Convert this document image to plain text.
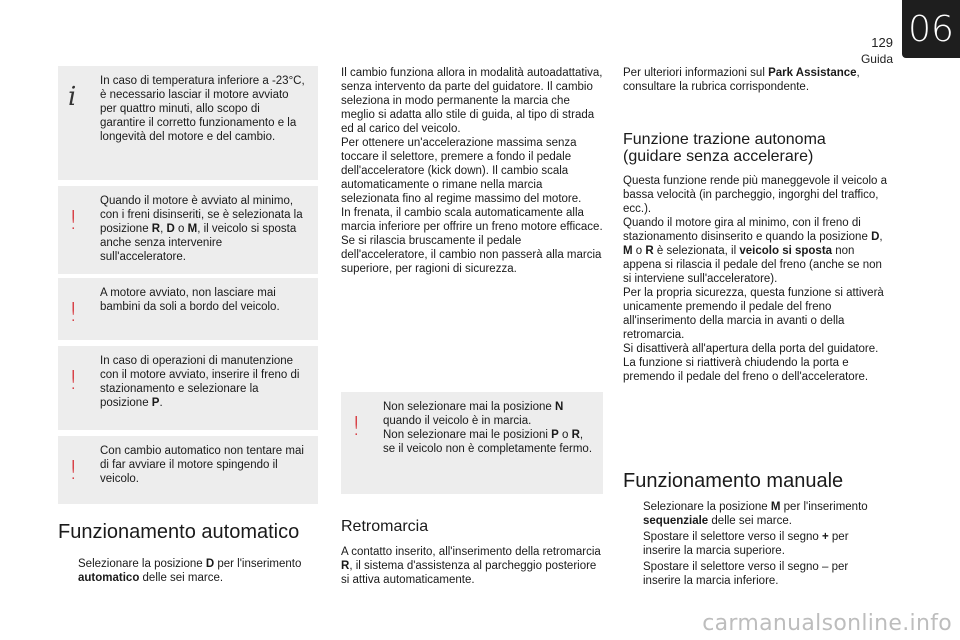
129
Guida
06
i

In caso di temperatura inferiore a -23°C, è necessario lasciar il motore avviato per quattro minuti, allo scopo di garantire il corretto funzionamento e la longevità del motore e del cambio.

!

Quando il motore è avviato al minimo, con i freni disinseriti, se è selezionata la posizione R, D o M, il veicolo si sposta anche senza intervenire sull'acceleratore.

!

A motore avviato, non lasciare mai bambini da soli a bordo del veicolo.

!

In caso di operazioni di manutenzione con il motore avviato, inserire il freno di stazionamento e selezionare la posizione P.

!

Con cambio automatico non tentare mai di far avviare il motore spingendo il veicolo.

Funzionamento automatico
Selezionare la posizione D per l'inserimento automatico delle sei marce.

Il cambio funziona allora in modalità autoadattativa, senza intervento da parte del guidatore. Il cambio seleziona in modo permanente la marcia che meglio si adatta allo stile di guida, al tipo di strada ed al carico del veicolo.

Per ottenere un'accelerazione massima senza toccare il selettore, premere a fondo il pedale dell'acceleratore (kick down). Il cambio scala automaticamente o rimane nella marcia selezionata fino al regime massimo del motore.

In frenata, il cambio scala automaticamente alla marcia inferiore per offrire un freno motore efficace.

Se si rilascia bruscamente il pedale dell'acceleratore, il cambio non passerà alla marcia superiore, per ragioni di sicurezza.

!

Non selezionare mai la posizione N quando il veicolo è in marcia.
Non selezionare mai le posizioni P o R, se il veicolo non è completamente fermo.

Retromarcia

A contatto inserito, all'inserimento della retromarcia R, il sistema d'assistenza al parcheggio posteriore si attiva automaticamente.

Per ulteriori informazioni sul Park Assistance, consultare la rubrica corrispondente.

Funzione trazione autonoma
(guidare senza accelerare)

Questa funzione rende più maneggevole il veicolo a bassa velocità (in parcheggio, ingorghi del traffico, ecc.).

Quando il motore gira al minimo, con il freno di stazionamento disinserito e quando la posizione D, M o R è selezionata, il veicolo si sposta non appena si rilascia il pedale del freno (anche se non si interviene sull'acceleratore).

Per la propria sicurezza, questa funzione si attiverà unicamente premendo il pedale del freno all'inserimento della marcia in avanti o della retromarcia.

Si disattiverà all'apertura della porta del guidatore. La funzione si riattiverà chiudendo la porta e premendo il pedale del freno o dell'acceleratore.

Funzionamento manuale
Selezionare la posizione M per l'inserimento sequenziale delle sei marce.
Spostare il selettore verso il segno + per inserire la marcia superiore.
Spostare il selettore verso il segno – per inserire la marcia inferiore.
carmanualsonline.info
